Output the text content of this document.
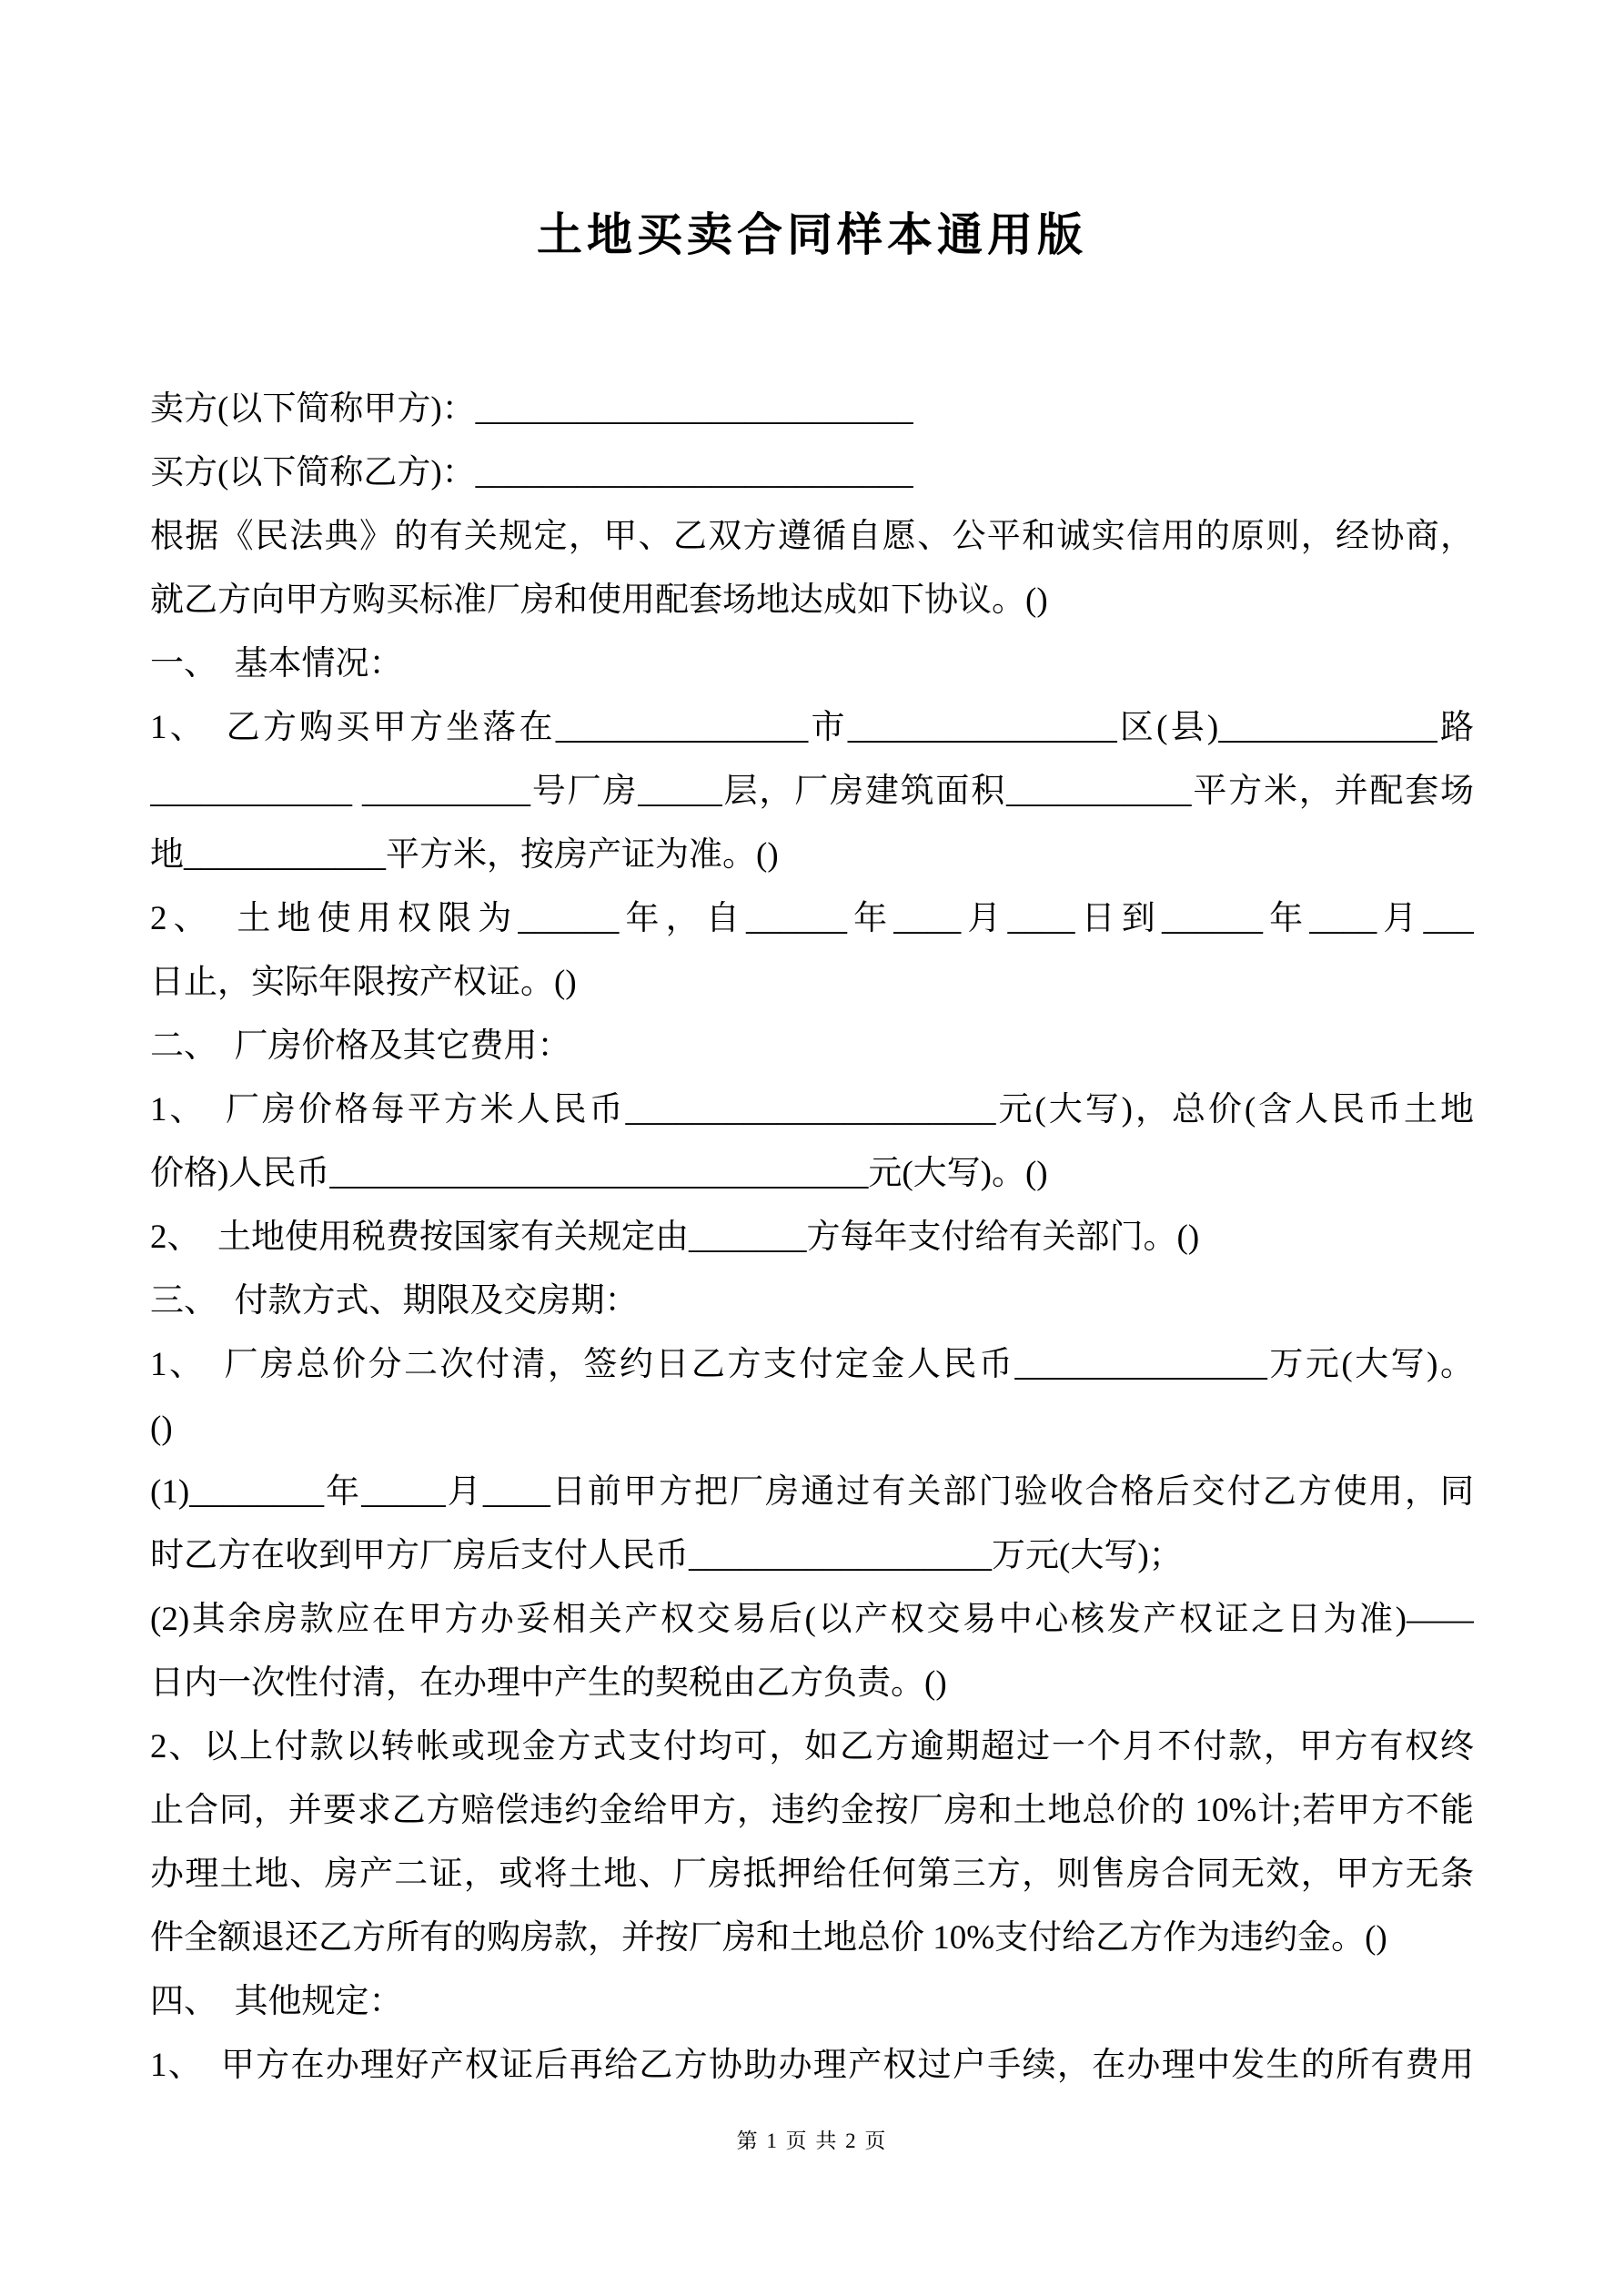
土地买卖合同样本通用版
卖方(以下简称甲方)：__________________________
买方(以下简称乙方)：__________________________
根据《民法典》的有关规定，甲、乙双方遵循自愿、公平和诚实信用的原则，经协商，
就乙方向甲方购买标准厂房和使用配套场地达成如下协议。()
一、　基本情况：
1、　乙方购买甲方坐落在_______________市________________区(县)_____________路
____________ __________号厂房_____层，厂房建筑面积___________平方米，并配套场
地____________平方米，按房产证为准。()
2、　土地使用权限为______年，自______年____月____日到______年____月___
日止，实际年限按产权证。()
二、　厂房价格及其它费用：
1、　厂房价格每平方米人民币______________________元(大写)，总价(含人民币土地
价格)人民币________________________________元(大写)。()
2、　土地使用税费按国家有关规定由_______方每年支付给有关部门。()
三、　付款方式、期限及交房期：
1、　厂房总价分二次付清，签约日乙方支付定金人民币_______________万元(大写)。
()
(1)________年_____月____日前甲方把厂房通过有关部门验收合格后交付乙方使用，同
时乙方在收到甲方厂房后支付人民币__________________万元(大写)；
(2)其余房款应在甲方办妥相关产权交易后(以产权交易中心核发产权证之日为准)——
日内一次性付清，在办理中产生的契税由乙方负责。()
2、以上付款以转帐或现金方式支付均可，如乙方逾期超过一个月不付款，甲方有权终
止合同，并要求乙方赔偿违约金给甲方，违约金按厂房和土地总价的 10%计;若甲方不能
办理土地、房产二证，或将土地、厂房抵押给任何第三方，则售房合同无效，甲方无条
件全额退还乙方所有的购房款，并按厂房和土地总价 10%支付给乙方作为违约金。()
四、　其他规定：
1、　甲方在办理好产权证后再给乙方协助办理产权过户手续，在办理中发生的所有费用
第 1 页 共 2 页
